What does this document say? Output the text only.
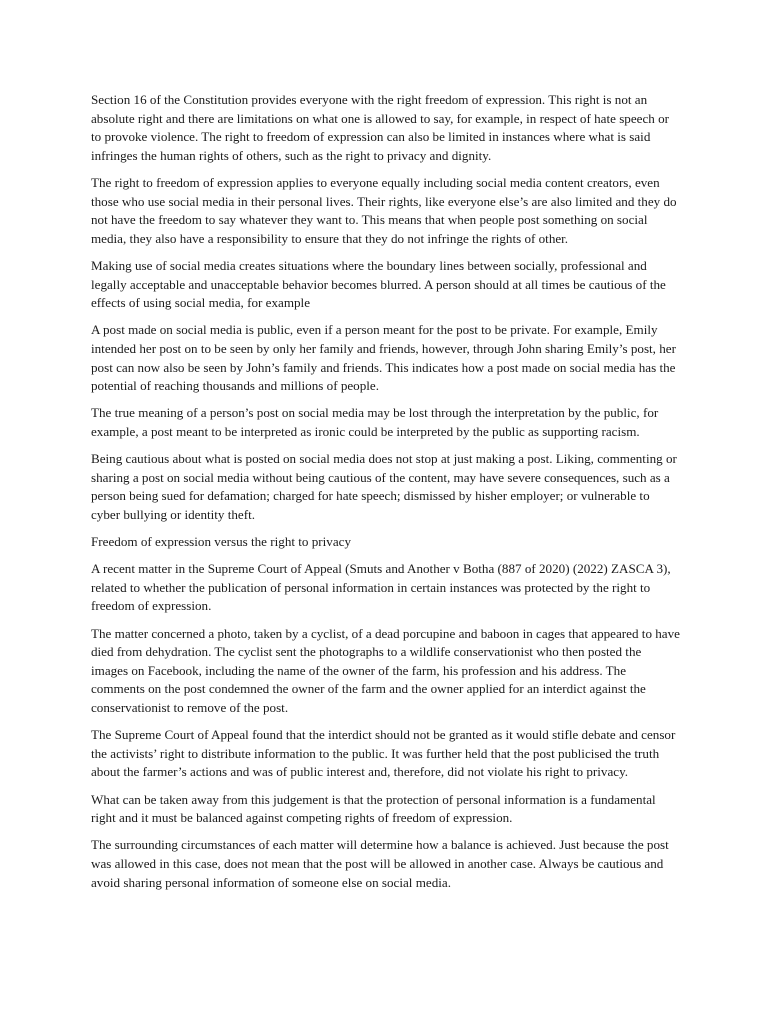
Section 16 of the Constitution provides everyone with the right freedom of expression. This right is not an absolute right and there are limitations on what one is allowed to say, for example, in respect of hate speech or to provoke violence. The right to freedom of expression can also be limited in instances where what is said infringes the human rights of others, such as the right to privacy and dignity.

The right to freedom of expression applies to everyone equally including social media content creators, even those who use social media in their personal lives. Their rights, like everyone else’s are also limited and they do not have the freedom to say whatever they want to. This means that when people post something on social media, they also have a responsibility to ensure that they do not infringe the rights of other.

Making use of social media creates situations where the boundary lines between socially, professional and legally acceptable and unacceptable behavior becomes blurred. A person should at all times be cautious of the effects of using social media, for example

A post made on social media is public, even if a person meant for the post to be private. For example, Emily intended her post on to be seen by only her family and friends, however, through John sharing Emily’s post, her post can now also be seen by John’s family and friends. This indicates how a post made on social media has the potential of reaching thousands and millions of people.

The true meaning of a person’s post on social media may be lost through the interpretation by the public, for example, a post meant to be interpreted as ironic could be interpreted by the public as supporting racism.

Being cautious about what is posted on social media does not stop at just making a post. Liking, commenting or sharing a post on social media without being cautious of the content, may have severe consequences, such as a person being sued for defamation; charged for hate speech; dismissed by hisher employer; or vulnerable to cyber bullying or identity theft.

Freedom of expression versus the right to privacy

A recent matter in the Supreme Court of Appeal (Smuts and Another v Botha (887 of 2020) (2022) ZASCA 3), related to whether the publication of personal information in certain instances was protected by the right to freedom of expression.

The matter concerned a photo, taken by a cyclist, of a dead porcupine and baboon in cages that appeared to have died from dehydration. The cyclist sent the photographs to a wildlife conservationist who then posted the images on Facebook, including the name of the owner of the farm, his profession and his address. The comments on the post condemned the owner of the farm and the owner applied for an interdict against the conservationist to remove of the post.

The Supreme Court of Appeal found that the interdict should not be granted as it would stifle debate and censor the activists’ right to distribute information to the public. It was further held that the post publicised the truth about the farmer’s actions and was of public interest and, therefore, did not violate his right to privacy.

What can be taken away from this judgement is that the protection of personal information is a fundamental right and it must be balanced against competing rights of freedom of expression.

The surrounding circumstances of each matter will determine how a balance is achieved. Just because the post was allowed in this case, does not mean that the post will be allowed in another case. Always be cautious and avoid sharing personal information of someone else on social media.
